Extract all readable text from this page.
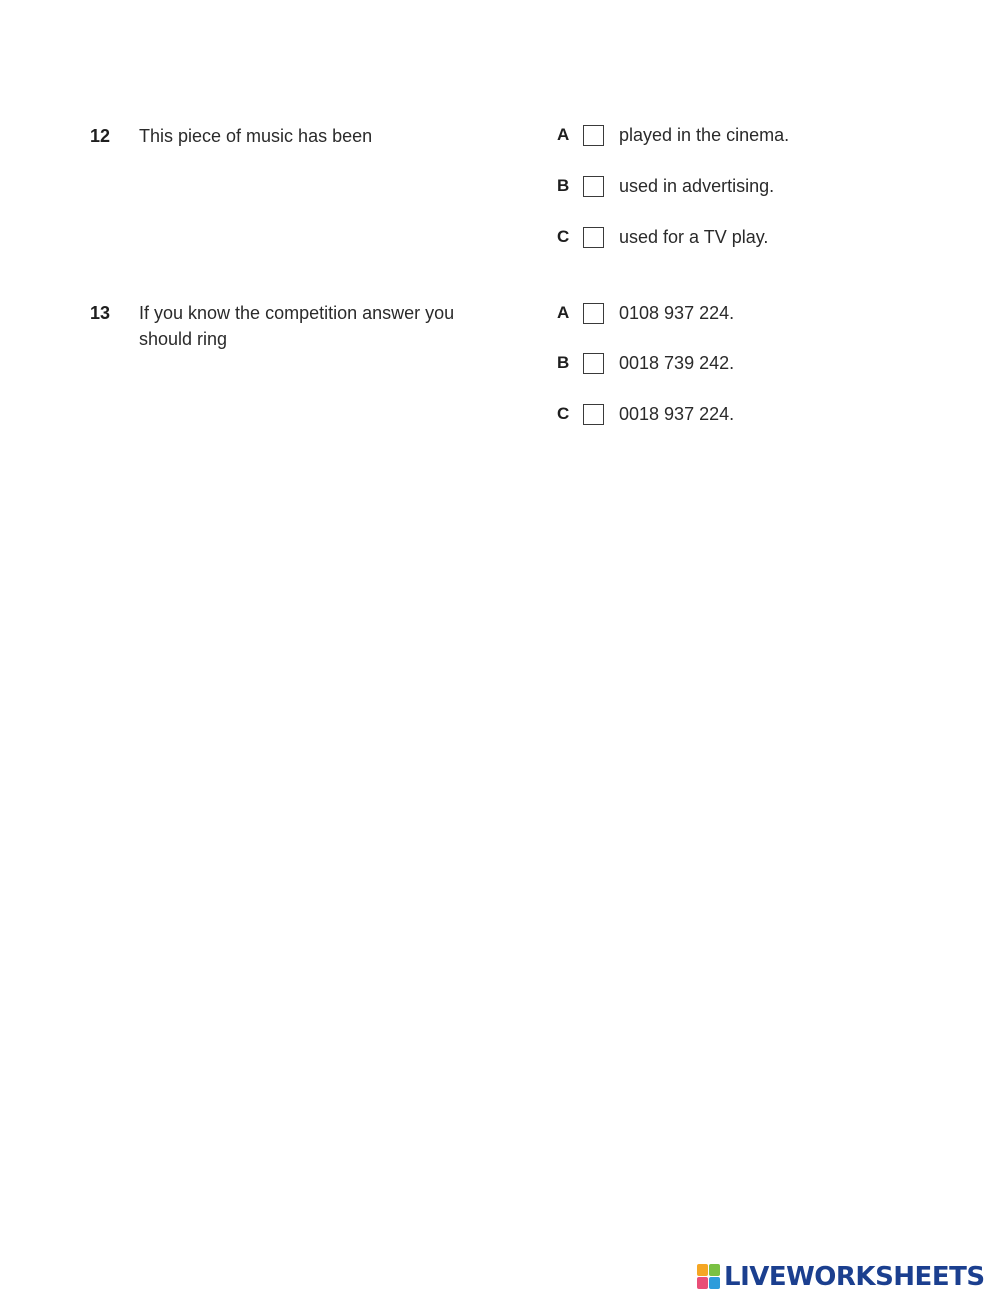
12 This piece of music has been	A	played in the cinema.
B	used in advertising.
C	used for a TV play.
13 If you know the competition answer you should ring
A	0108 937 224.
B	0018 739 242.
C	0018 937 224.
LIVEWORKSHEETS
